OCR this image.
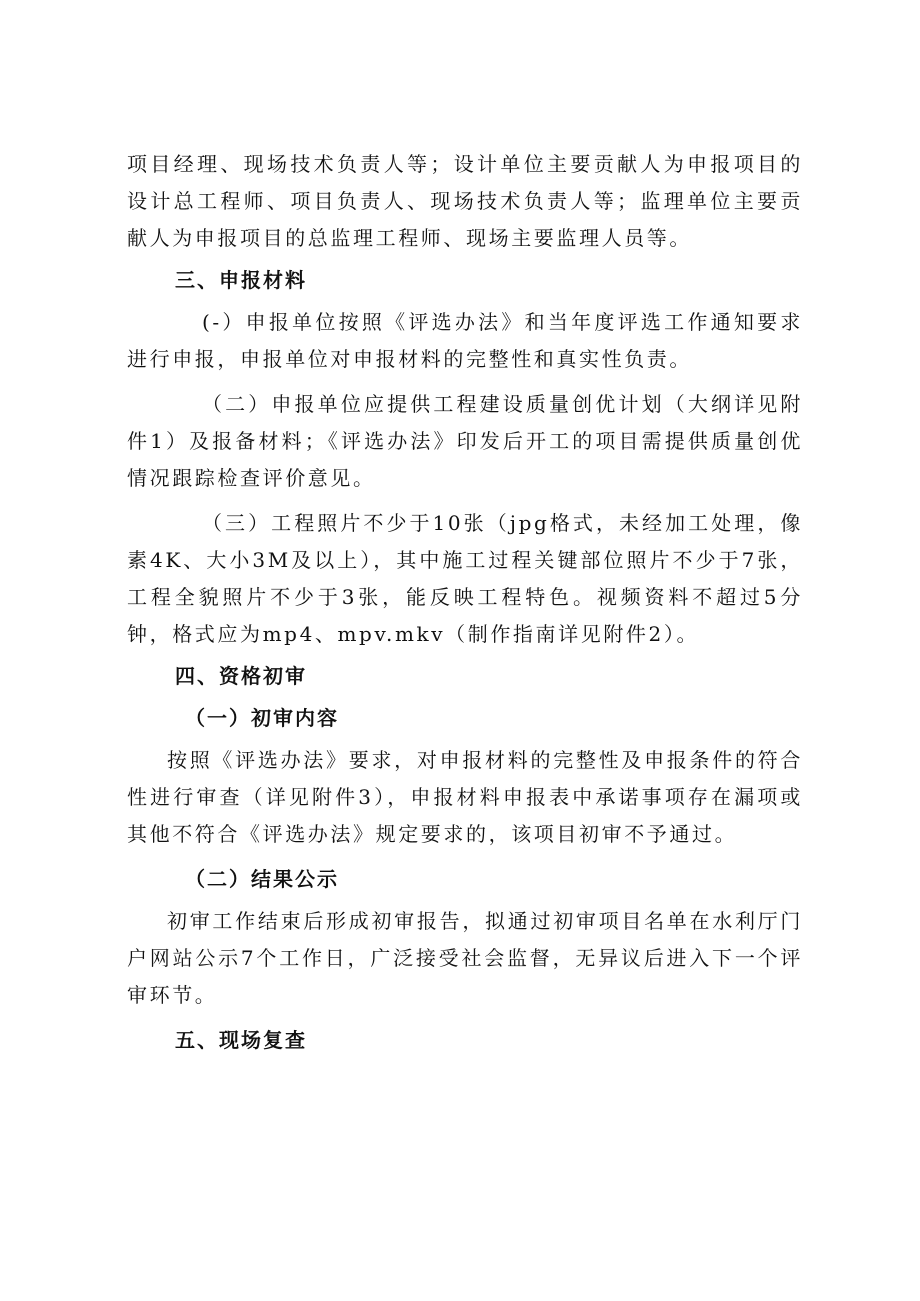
项目经理、现场技术负责人等；设计单位主要贡献人为申报项目的设计总工程师、项目负责人、现场技术负责人等；监理单位主要贡献人为申报项目的总监理工程师、现场主要监理人员等。

三、申报材料

(-）申报单位按照《评选办法》和当年度评选工作通知要求进行申报，申报单位对申报材料的完整性和真实性负责。

（二）申报单位应提供工程建设质量创优计划（大纲详见附件1）及报备材料；《评选办法》印发后开工的项目需提供质量创优情况跟踪检查评价意见。

（三）工程照片不少于10张（jpg格式，未经加工处理，像素4K、大小3M及以上），其中施工过程关键部位照片不少于7张，工程全貌照片不少于3张，能反映工程特色。视频资料不超过5分钟，格式应为mp4、mpv.mkv（制作指南详见附件2）。

四、资格初审

（一）初审内容

按照《评选办法》要求，对申报材料的完整性及申报条件的符合性进行审查（详见附件3），申报材料申报表中承诺事项存在漏项或其他不符合《评选办法》规定要求的，该项目初审不予通过。

（二）结果公示

初审工作结束后形成初审报告，拟通过初审项目名单在水利厅门户网站公示7个工作日，广泛接受社会监督，无异议后进入下一个评审环节。

五、现场复查
